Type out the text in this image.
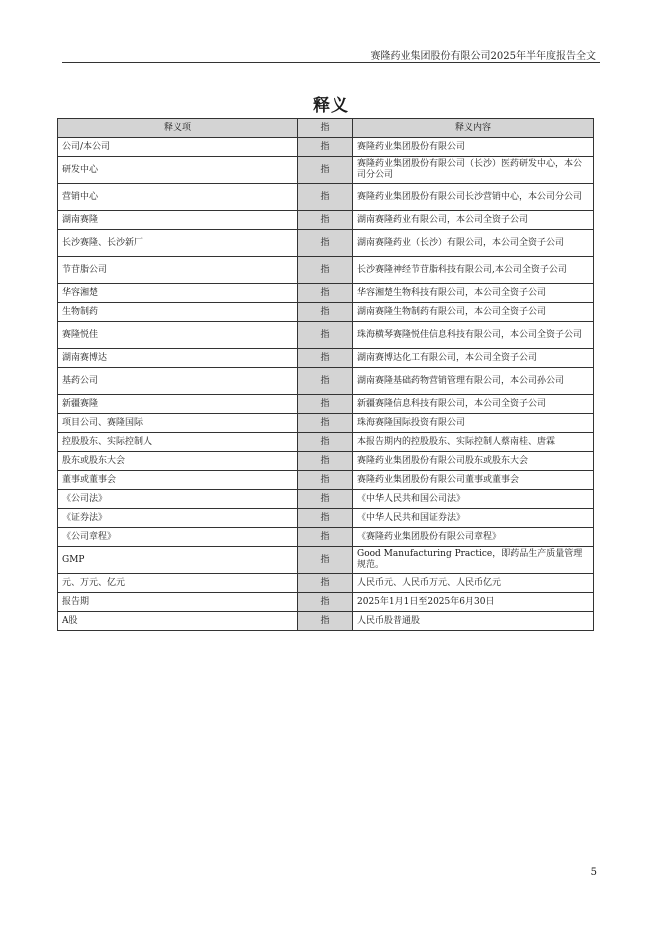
赛隆药业集团股份有限公司2025年半年度报告全文
释义
释义项	指	释义内容
公司/本公司	指	赛隆药业集团股份有限公司
研发中心	指	赛隆药业集团股份有限公司（长沙）医药研发中心，本公司分公司
营销中心	指	赛隆药业集团股份有限公司长沙营销中心，本公司分公司
湖南赛隆	指	湖南赛隆药业有限公司，本公司全资子公司
长沙赛隆、长沙新厂	指	湖南赛隆药业（长沙）有限公司，本公司全资子公司
节苷脂公司	指	长沙赛隆神经节苷脂科技有限公司,本公司全资子公司
华容湘楚	指	华容湘楚生物科技有限公司，本公司全资子公司
生物制药	指	湖南赛隆生物制药有限公司，本公司全资子公司
赛隆悦佳	指	珠海横琴赛隆悦佳信息科技有限公司，本公司全资子公司
湖南赛博达	指	湖南赛博达化工有限公司，本公司全资子公司
基药公司	指	湖南赛隆基础药物营销管理有限公司，本公司孙公司
新疆赛隆	指	新疆赛隆信息科技有限公司，本公司全资子公司
项目公司、赛隆国际	指	珠海赛隆国际投资有限公司
控股股东、实际控制人	指	本报告期内的控股股东、实际控制人蔡南桂、唐霖
股东或股东大会	指	赛隆药业集团股份有限公司股东或股东大会
董事或董事会	指	赛隆药业集团股份有限公司董事或董事会
《公司法》	指	《中华人民共和国公司法》
《证券法》	指	《中华人民共和国证券法》
《公司章程》	指	《赛隆药业集团股份有限公司章程》
GMP	指	Good Manufacturing Practice，即药品生产质量管理规范。
元、万元、亿元	指	人民币元、人民币万元、人民币亿元
报告期	指	2025年1月1日至2025年6月30日
A股	指	人民币股普通股
5
